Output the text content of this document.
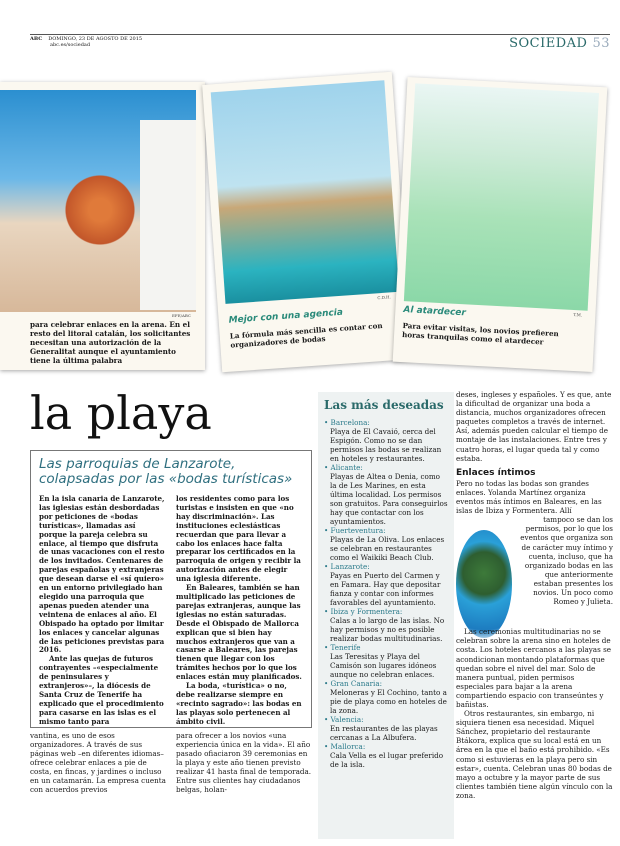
ABC DOMINGO, 23 DE AGOSTO DE 2015
abc.es/sociedad	SOCIEDAD 53
EFE/ABC
para celebrar enlaces en la arena. En el resto del litoral catalán, los solicitantes necesitan una autorización de la Generalitat aunque el ayuntamiento tiene la última palabra
C.D.H.
Mejor con una agencia
La fórmula más sencilla es contar con organizadores de bodas
T.M.
Al atardecer
Para evitar visitas, los novios prefieren horas tranquilas como el atardecer
la playa
Las parroquias de Lanzarote, colapsadas por las «bodas turísticas»

En la isla canaria de Lanzarote, las iglesias están desbordadas por peticiones de «bodas turísticas», llamadas así porque la pareja celebra su enlace, al tiempo que disfruta de unas vacaciones con el resto de los invitados. Centenares de parejas españolas y extranjeras que desean darse el «sí quiero» en un entorno privilegiado han elegido una parroquia que apenas pueden atender una veintena de enlaces al año. El Obispado ha optado por limitar los enlaces y cancelar algunas de las peticiones previstas para 2016.

Ante las quejas de futuros contrayentes –«especialmente de peninsulares y extranjeros»–, la diócesis de Santa Cruz de Tenerife ha explicado que el procedimiento para casarse en las islas es el mismo tanto para

los residentes como para los turistas e insisten en que «no hay discriminación». Las instituciones eclesiásticas recuerdan que para llevar a cabo los enlaces hace falta preparar los certificados en la parroquia de origen y recibir la autorización antes de elegir una iglesia diferente.

En Baleares, también se han multiplicado las peticiones de parejas extranjeras, aunque las iglesias no están saturadas. Desde el Obispado de Mallorca explican que si bien hay muchos extranjeros que van a casarse a Baleares, las parejas tienen que llegar con los trámites hechos por lo que los enlaces están muy planificados.

La boda, «turística» o no, debe realizarse siempre en «recinto sagrado»: las bodas en las playas solo pertenecen al ámbito civil.

Las más deseadas
• Barcelona:
Playa de El Cavaió, cerca del Espigón. Como no se dan permisos las bodas se realizan en hoteles y restaurantes.
• Alicante:
Playas de Altea o Denia, como la de Les Marines, en esta última localidad. Los permisos son gratuitos. Para conseguirlos hay que contactar con los ayuntamientos.
• Fuerteventura:
Playas de La Oliva. Los enlaces se celebran en restaurantes como el Waikiki Beach Club.
• Lanzarote:
Payas en Puerto del Carmen y en Famara. Hay que depositar fianza y contar con informes favorables del ayuntamiento.
• Ibiza y Formentera:
Calas a lo largo de las islas. No hay permisos y no es posible realizar bodas multitudinarias.
• Tenerife
Las Teresitas y Playa del Camisón son lugares idóneos aunque no celebran enlaces.
• Gran Canaria:
Meloneras y El Cochino, tanto a pie de playa como en hoteles de la zona.
• Valencia:
En restaurantes de las playas cercanas a La Albufera.
• Mallorca:
Cala Vella es el lugar preferido de la isla.

deses, ingleses y españoles. Y es que, ante la dificultad de organizar una boda a distancia, muchos organizadores ofrecen paquetes completos a través de internet. Así, además pueden calcular el tiempo de montaje de las instalaciones. Entre tres y cuatro horas, el lugar queda tal y como estaba.

Enlaces íntimos

Pero no todas las bodas son grandes enlaces. Yolanda Martínez organiza eventos más íntimos en Baleares, en las islas de Ibiza y Formentera. Allí

tampoco se dan los permisos, por lo que los eventos que organiza son de carácter muy íntimo y cuenta, incluso, que ha organizado bodas en las que anteriormente estaban presentes los novios. Un poco como Romeo y Julieta.

Las ceremonias multitudinarias no se celebran sobre la arena sino en hoteles de costa. Los hoteles cercanos a las playas se acondicionan montando plataformas que quedan sobre el nivel del mar. Solo de manera puntual, piden permisos especiales para bajar a la arena compartiendo espacio con transeúntes y bañistas.

Otros restaurantes, sin embargo, ni siquiera tienen esa necesidad. Miquel Sánchez, propietario del restaurante Btákora, explica que su local está en un área en la que el baño está prohibido. «Es como si estuvieras en la playa pero sin estar», cuenta. Celebran unas 80 bodas de mayo a octubre y la mayor parte de sus clientes también tiene algún vínculo con la zona.

vantina, es uno de esos organizadores. A través de sus páginas web –en diferentes idiomas– ofrece celebrar enlaces a pie de costa, en fincas, y jardines o incluso en un catamarán. La empresa cuenta con acuerdos previos

para ofrecer a los novios «una experiencia única en la vida». El año pasado ofiaciaron 39 ceremonias en la playa y este año tienen previsto realizar 41 hasta final de temporada. Entre sus clientes hay ciudadanos belgas, holan-
